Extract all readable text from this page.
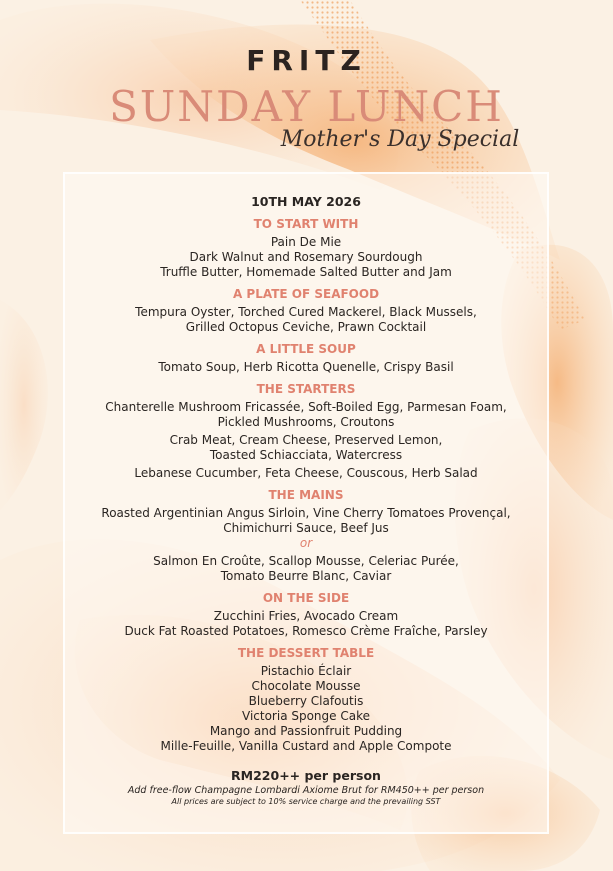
FRITZ
SUNDAY LUNCH
Mother's Day Special
10TH MAY 2026
TO START WITH
Pain De Mie
Dark Walnut and Rosemary Sourdough
Truffle Butter, Homemade Salted Butter and Jam
A PLATE OF SEAFOOD
Tempura Oyster, Torched Cured Mackerel, Black Mussels,
Grilled Octopus Ceviche, Prawn Cocktail
A LITTLE SOUP
Tomato Soup, Herb Ricotta Quenelle, Crispy Basil
THE STARTERS
Chanterelle Mushroom Fricassée, Soft-Boiled Egg, Parmesan Foam,
Pickled Mushrooms, Croutons
Crab Meat, Cream Cheese, Preserved Lemon,
Toasted Schiacciata, Watercress
Lebanese Cucumber, Feta Cheese, Couscous, Herb Salad
THE MAINS
Roasted Argentinian Angus Sirloin, Vine Cherry Tomatoes Provençal,
Chimichurri Sauce, Beef Jus
or
Salmon En Croûte, Scallop Mousse, Celeriac Purée,
Tomato Beurre Blanc, Caviar
ON THE SIDE
Zucchini Fries, Avocado Cream
Duck Fat Roasted Potatoes, Romesco Crème Fraîche, Parsley
THE DESSERT TABLE
Pistachio Éclair
Chocolate Mousse
Blueberry Clafoutis
Victoria Sponge Cake
Mango and Passionfruit Pudding
Mille-Feuille, Vanilla Custard and Apple Compote
RM220++ per person
Add free-flow Champagne Lombardi Axiome Brut for RM450++ per person
All prices are subject to 10% service charge and the prevailing SST
